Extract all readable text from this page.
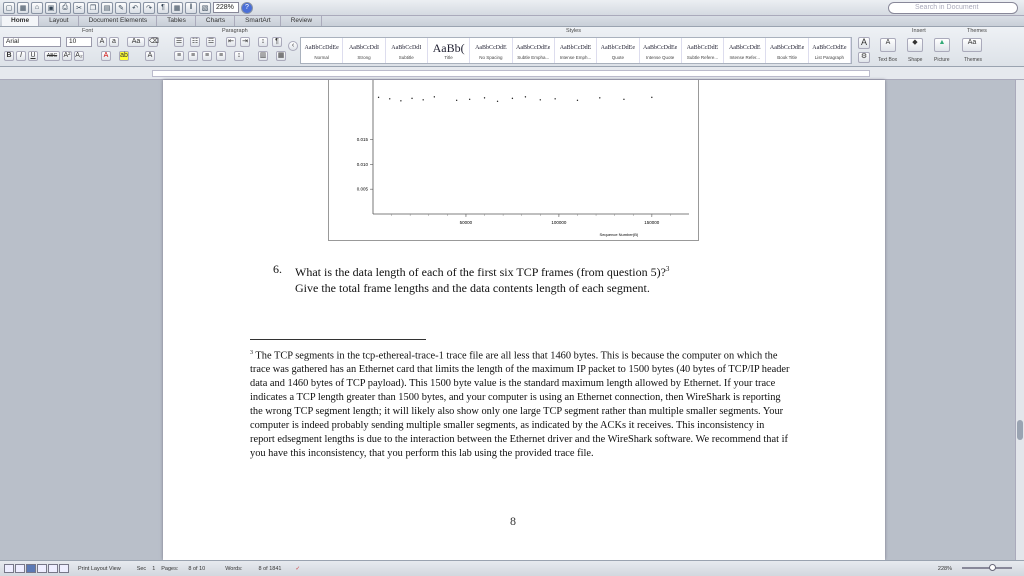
▢	▦	⌂	▣	⎙	✂	❐	▤	✎	↶	↷	¶	▦	‖	▧	228%	?	Search in Document
Home	Layout	Document Elements	Tables	Charts	SmartArt	Review
Font	Paragraph	Styles	Insert	Themes
Arial	10	A	a	Aa	⌫
B	I	U	ABC A² A₂	A	ab	A
☰ ☷ ☲ ⇤ ⇥	↕	¶
≡	≡	≡	≡	↕	▥ ▦
‹	AaBbCcDdEe
Normal
AaBbCcDdI
Strong
AaBbCcDdI
Subtitle
AaBb(
Title
AaBbCcDdE
No Spacing
AaBbCcDdEe
Subtle Empha...
AaBbCcDdE
Intense Emph...
AaBbCcDdEe
Quote
AaBbCcDdEe
Intense Quote
AaBbCcDdE
Subtle Refere...
AaBbCcDdE
Intense Refer...
AaBbCcDdEe
Book Title
AaBbCcDdEe
List Paragraph
A
⚙
A	◆	▲	Aa
Text Box	Shape Picture	Themes
50000	100000	150000
0.015
0.010
0.005
Sequence Number(B)
6. What is the data length of each of the first six TCP frames (from question 5)?$^3$
Give the total frame lengths and the data contents length of each segment.
$^3$ The TCP segments in the tcp-ethereal-trace-1 trace file are all less that 1460 bytes. This is because the computer on which the trace was gathered has an Ethernet card that limits the length of the maximum IP packet to 1500 bytes (40 bytes of TCP/IP header data and 1460 bytes of TCP payload). This 1500 byte value is the standard maximum length allowed by Ethernet. If your trace indicates a TCP length greater than 1500 bytes, and your computer is using an Ethernet connection, then WireShark is reporting the wrong TCP segment length; it will likely also show only one large TCP segment rather than multiple smaller segments. Your computer is indeed probably sending multiple smaller segments, as indicated by the ACKs it receives. This inconsistency in report edsegment lengths is due to the interaction between the Ethernet driver and the WireShark software. We recommend that if you have this inconsistency, that you perform this lab using the provided trace file.
8
Print Layout View	Sec 1 Pages: 8 of 10	Words:	8 of 1841	✓	228%
